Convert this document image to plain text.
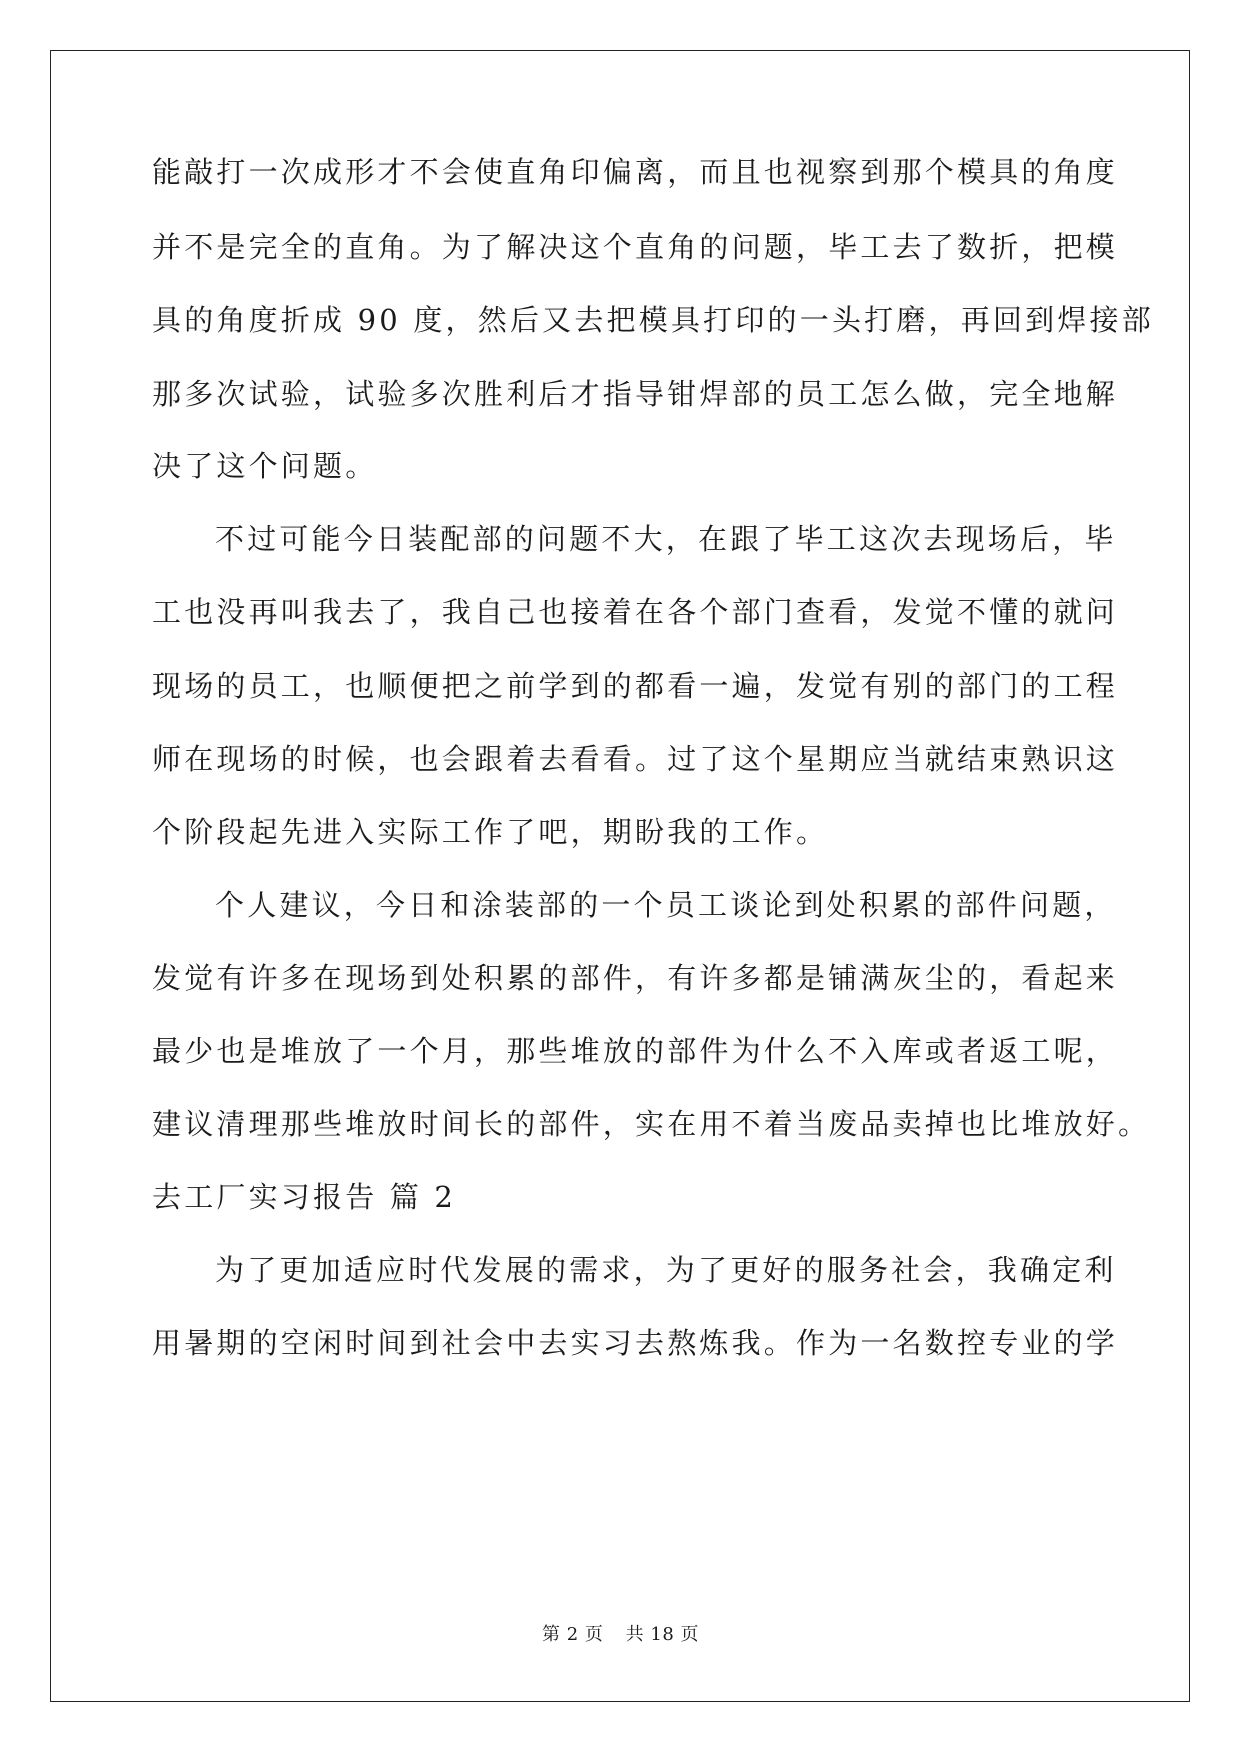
能敲打一次成形才不会使直角印偏离，而且也视察到那个模具的角度
并不是完全的直角。为了解决这个直角的问题，毕工去了数折，把模
具的角度折成 90 度，然后又去把模具打印的一头打磨，再回到焊接部
那多次试验，试验多次胜利后才指导钳焊部的员工怎么做，完全地解
决了这个问题。
不过可能今日装配部的问题不大，在跟了毕工这次去现场后，毕
工也没再叫我去了，我自己也接着在各个部门查看，发觉不懂的就问
现场的员工，也顺便把之前学到的都看一遍，发觉有别的部门的工程
师在现场的时候，也会跟着去看看。过了这个星期应当就结束熟识这
个阶段起先进入实际工作了吧，期盼我的工作。
个人建议，今日和涂装部的一个员工谈论到处积累的部件问题，
发觉有许多在现场到处积累的部件，有许多都是铺满灰尘的，看起来
最少也是堆放了一个月，那些堆放的部件为什么不入库或者返工呢，
建议清理那些堆放时间长的部件，实在用不着当废品卖掉也比堆放好。
去工厂实习报告 篇 2
为了更加适应时代发展的需求，为了更好的服务社会，我确定利
用暑期的空闲时间到社会中去实习去熬炼我。作为一名数控专业的学
第 2 页 共 18 页
